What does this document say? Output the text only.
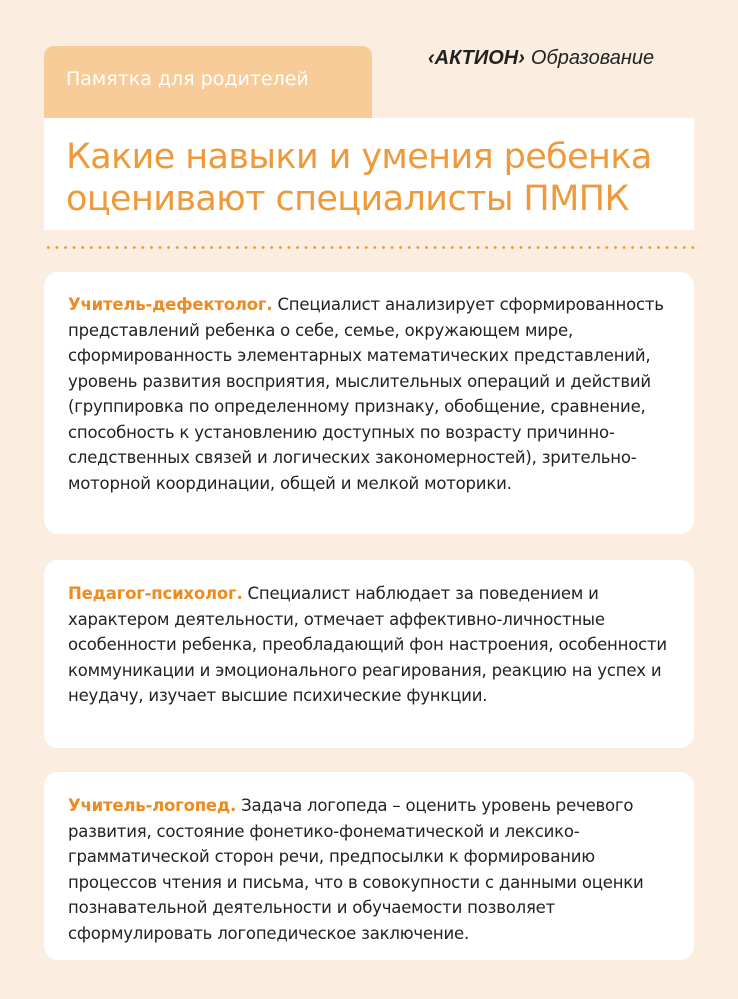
‹АКТИОН› Образование
Памятка для родителей
Какие навыки и умения ребенка
оценивают специалисты ПМПК

Учитель-дефектолог. Специалист анализирует сформированность представлений ребенка о себе, семье, окружающем мире, сформированность элементарных математических представлений, уровень развития восприятия, мыслительных операций и действий (группировка по определенному признаку, обобщение, сравнение, способность к установлению доступных по возрасту причинно-следственных связей и логических закономерностей), зрительно-моторной координации, общей и мелкой моторики.

Педагог-психолог. Специалист наблюдает за поведением и характером деятельности, отмечает аффективно-личностные особенности ребенка, преобладающий фон настроения, особенности коммуникации и эмоционального реагирования, реакцию на успех и неудачу, изучает высшие психические функции.

Учитель-логопед. Задача логопеда – оценить уровень речевого развития, состояние фонетико-фонематической и лексико-грамматической сторон речи, предпосылки к формированию процессов чтения и письма, что в совокупности с данными оценки познавательной деятельности и обучаемости позволяет сформулировать логопедическое заключение.
